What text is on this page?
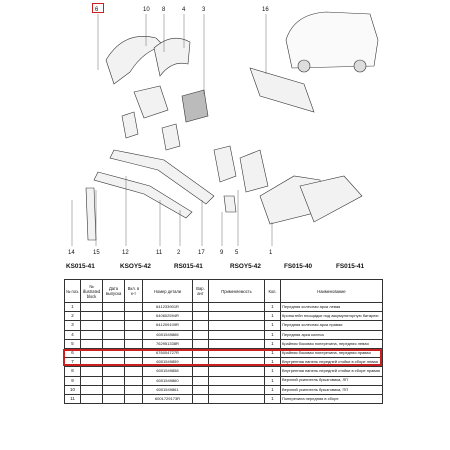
6	10 8	4	3	16
14	15	12	11 2	17	9 5	1
KS015-41	KSOY5-42	RS015-41	RSOY5-42	FS015-40	FS015-41
№ поз.	№ illustrated block	Дата выпуска	Вкл. в к-т	Номер детали	Вар. ант	Применяемость	Кол.	Наименование
1				641233901R			1	Передняя колесная арка левая
2				640602594R			1	Кронштейн площадки под аккумуляторную батарею
3				641209109R			1	Передняя колесная арка правая
4				6001549866			1	Передняя арка колеса
5				762951338R			1	Крайняя боковая поперечина, передняя левая
6				676004727R			1	Крайняя боковая поперечина, передняя правая
7				6001549859			1	Внутренняя панель передней стойки в сборе левая
8				6001549858			1	Внутренняя панель передней стойки в сборе правая
9				6001549860			1	Верхний усилитель брызговика, ЛП
10				6001549861			1	Верхний усилитель брызговика, ПП
11				6001729173R			1	Поперечина передняя в сборе
